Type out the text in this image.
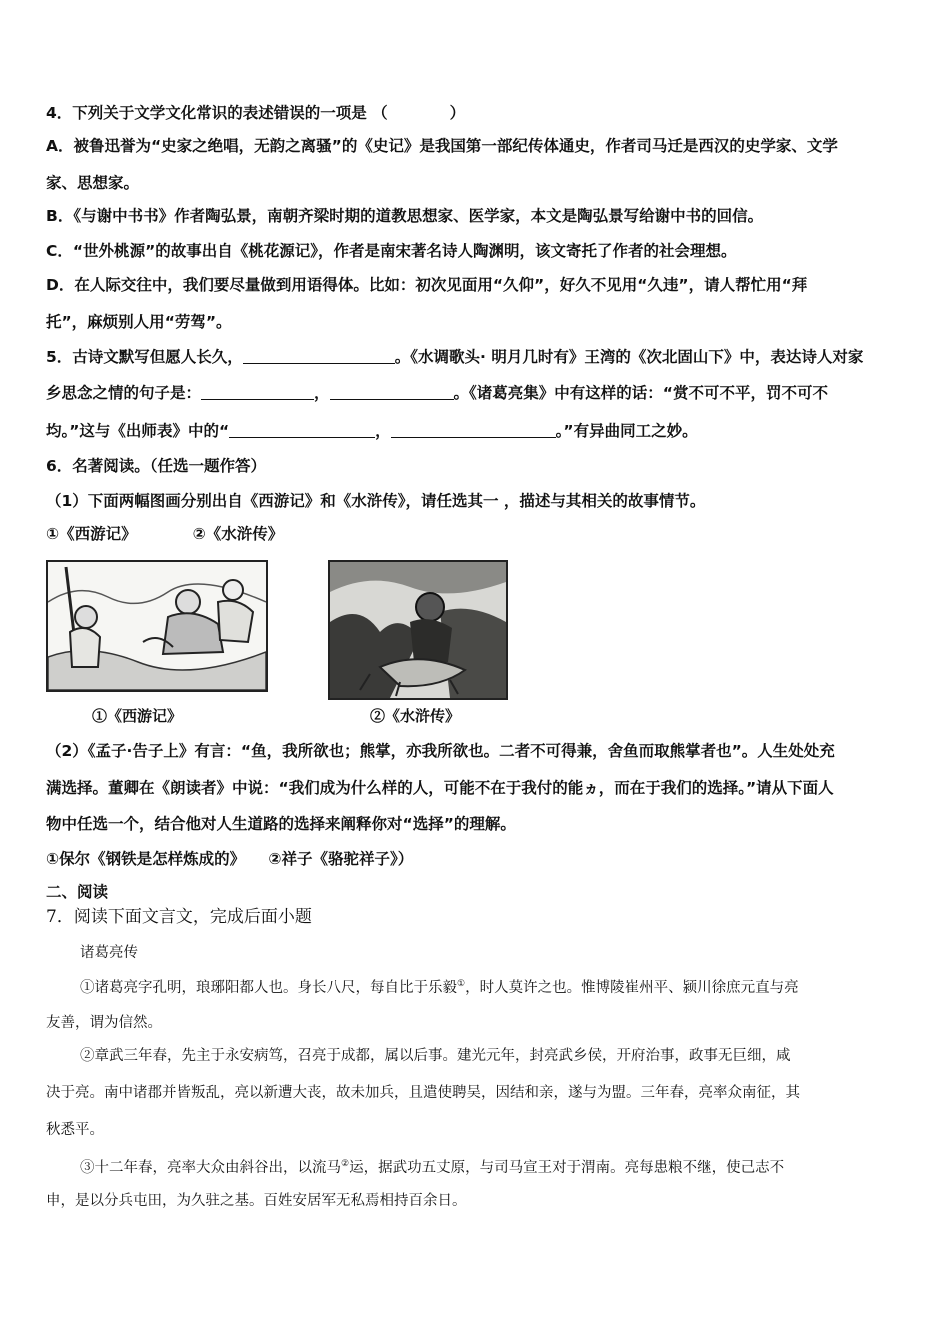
4．下列关于文学文化常识的表述错误的一项是 （　　　　）
A．被鲁迅誉为“史家之绝唱，无韵之离骚”的《史记》是我国第一部纪传体通史，作者司马迁是西汉的史学家、文学
家、思想家。
B．《与谢中书书》作者陶弘景，南朝齐梁时期的道教思想家、医学家，本文是陶弘景写给谢中书的回信。
C．“世外桃源”的故事出自《桃花源记》，作者是南宋著名诗人陶渊明，该文寄托了作者的社会理想。
D．在人际交往中，我们要尽量做到用语得体。比如：初次见面用“久仰”，好久不见用“久违”，请人帮忙用“拜
托”，麻烦别人用“劳驾”。
5．古诗文默写但愿人长久，	。《水调歌头· 明月几时有》王湾的《次北固山下》中，表达诗人对家
乡思念之情的句子是：	，	。《诸葛亮集》中有这样的话：“赏不可不平，罚不可不
均。”这与《出师表》中的“	，	。”有异曲同工之妙。
6．名著阅读。（任选一题作答）
（1）下面两幅图画分别出自《西游记》和《水浒传》，请任选其一 ，描述与其相关的故事情节。
①《西游记》	②《水浒传》
①《西游记》	②《水浒传》
（2）《孟子·告子上》有言：“鱼，我所欲也；熊掌，亦我所欲也。二者不可得兼，舍鱼而取熊掌者也”。人生处处充
满选择。董卿在《朗读者》中说：“我们成为什么样的人，可能不在于我付的能ヵ，而在于我们的选择。”请从下面人
物中任选一个，结合他对人生道路的选择来阐释你对“选择”的理解。
①保尔《钢铁是怎样炼成的》　　②祥子《骆驼祥子》）
二、阅读
7．阅读下面文言文，完成后面小题
诸葛亮传
①诸葛亮字孔明，琅琊阳都人也。身长八尺，每自比于乐毅①，时人莫许之也。惟博陵崔州平、颍川徐庶元直与亮
友善，谓为信然。
②章武三年春，先主于永安病笃，召亮于成都，属以后事。建光元年，封亮武乡侯，开府治事，政事无巨细，咸
决于亮。南中诸郡并皆叛乱，亮以新遭大丧，故未加兵，且遣使聘吴，因结和亲，遂与为盟。三年春，亮率众南征，其
秋悉平。
③十二年春，亮率大众由斜谷出，以流马②运，据武功五丈原，与司马宣王对于渭南。亮每患粮不继，使己志不
申，是以分兵屯田，为久驻之基。百姓安居军无私焉相持百余日。
